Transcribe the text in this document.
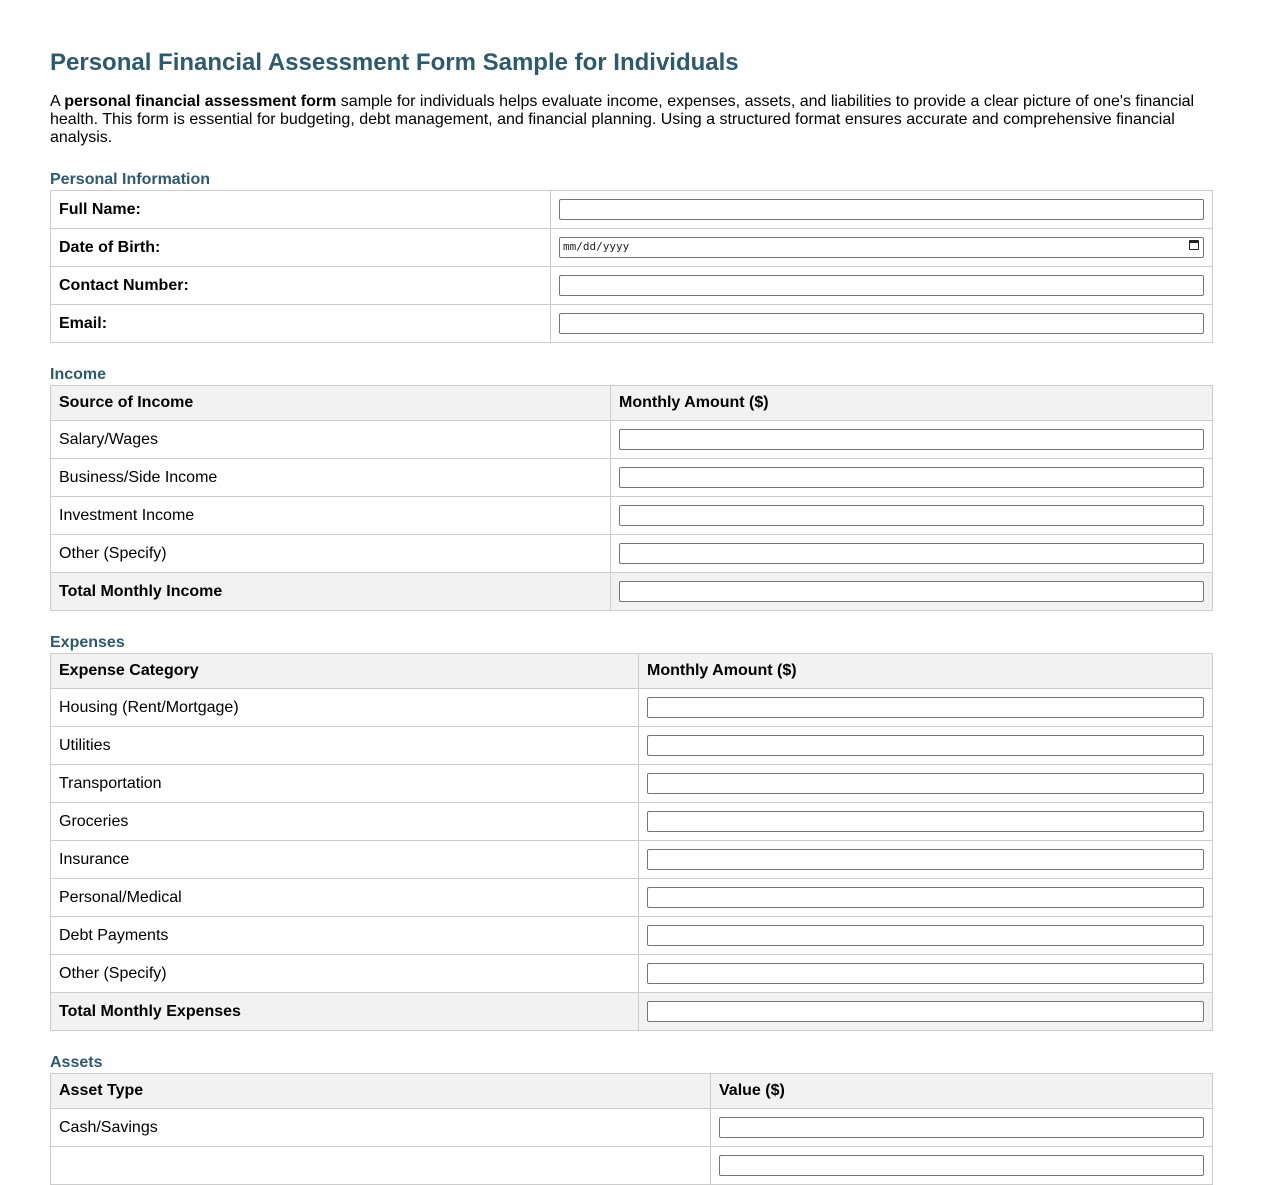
Personal Financial Assessment Form Sample for Individuals

A personal financial assessment form sample for individuals helps evaluate income, expenses, assets, and liabilities to provide a clear picture of one's financial health. This form is essential for budgeting, debt management, and financial planning. Using a structured format ensures accurate and comprehensive financial analysis.

Personal Information
Full Name:	
Date of Birth:	mm/dd/yyyy

Contact Number:	
Email:	
Income
Source of Income	Monthly Amount ($)
Salary/Wages	
Business/Side Income	
Investment Income	
Other (Specify)	
Total Monthly Income	
Expenses
Expense Category	Monthly Amount ($)
Housing (Rent/Mortgage)	
Utilities	
Transportation	
Groceries	
Insurance	
Personal/Medical	
Debt Payments	
Other (Specify)	
Total Monthly Expenses	
Assets
Asset Type	Value ($)
Cash/Savings	
